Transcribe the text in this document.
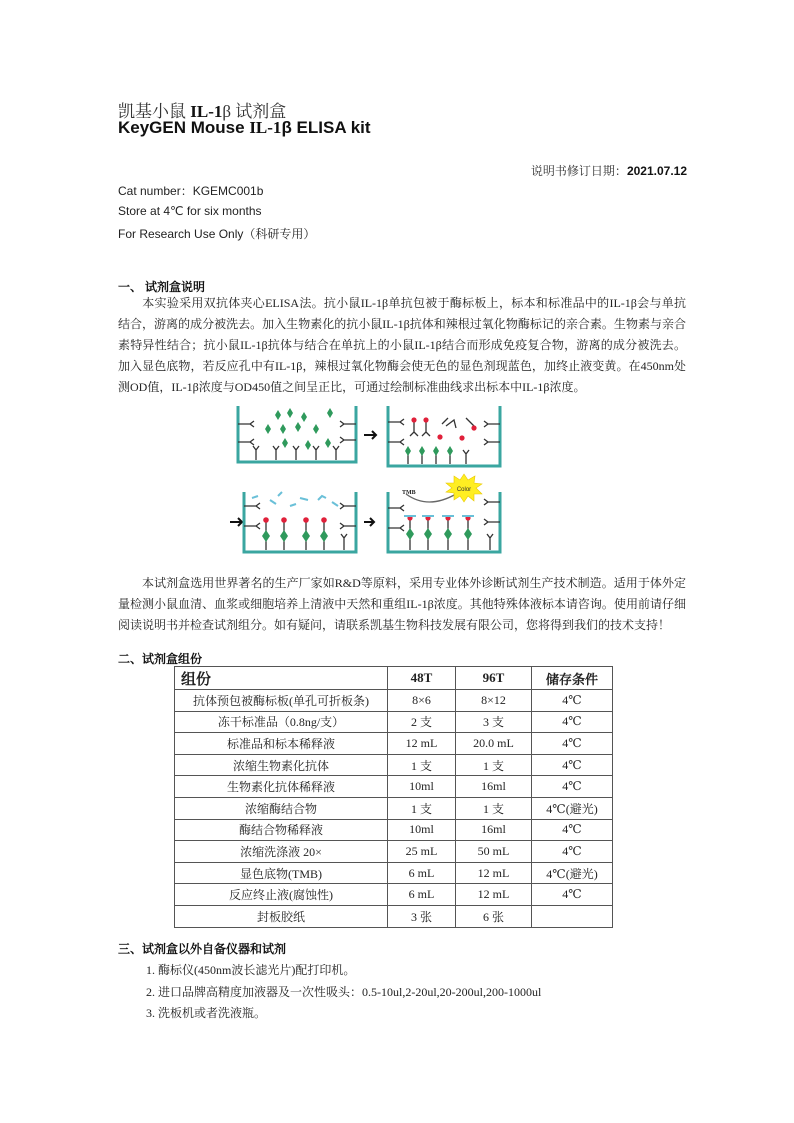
凯基小鼠 IL-1β 试剂盒
KeyGEN Mouse IL-1β ELISA kit
说明书修订日期：2021.07.12
Cat number：KGEMC001b
Store at 4℃ for six months
For Research Use Only（科研专用）
一、 试剂盒说明
本实验采用双抗体夹心ELISA法。抗小鼠IL-1β单抗包被于酶标板上，标本和标准品中的IL-1β会与单抗结合，游离的成分被洗去。加入生物素化的抗小鼠IL-1β抗体和辣根过氧化物酶标记的亲合素。生物素与亲合素特异性结合；抗小鼠IL-1β抗体与结合在单抗上的小鼠IL-1β结合而形成免疫复合物，游离的成分被洗去。加入显色底物，若反应孔中有IL-1β，辣根过氧化物酶会使无色的显色剂现蓝色，加终止液变黄。在450nm处测OD值，IL-1β浓度与OD450值之间呈正比，可通过绘制标准曲线求出标本中IL-1β浓度。
Color
TMB
本试剂盒选用世界著名的生产厂家如R&D等原料，采用专业体外诊断试剂生产技术制造。适用于体外定量检测小鼠血清、血浆或细胞培养上清液中天然和重组IL-1β浓度。其他特殊体液标本请咨询。使用前请仔细阅读说明书并检查试剂组分。如有疑问，请联系凯基生物科技发展有限公司，您将得到我们的技术支持！
二、试剂盒组份
组份	48T	96T	储存条件
抗体预包被酶标板(单孔可折板条)	8×6	8×12	4℃
冻干标准品（0.8ng/支）	2 支	3 支	4℃
标准品和标本稀释液	12 mL	20.0 mL	4℃
浓缩生物素化抗体	1 支	1 支	4℃
生物素化抗体稀释液	10ml	16ml	4℃
浓缩酶结合物	1 支	1 支	4℃(避光)
酶结合物稀释液	10ml	16ml	4℃
浓缩洗涤液 20×	25 mL	50 mL	4℃
显色底物(TMB)	6 mL	12 mL	4℃(避光)
反应终止液(腐蚀性)	6 mL	12 mL	4℃
封板胶纸	3 张	6 张	
三、试剂盒以外自备仪器和试剂
1. 酶标仪(450nm波长滤光片)配打印机。
2. 进口品牌高精度加液器及一次性吸头：0.5-10ul,2-20ul,20-200ul,200-1000ul
3. 洗板机或者洗液瓶。
